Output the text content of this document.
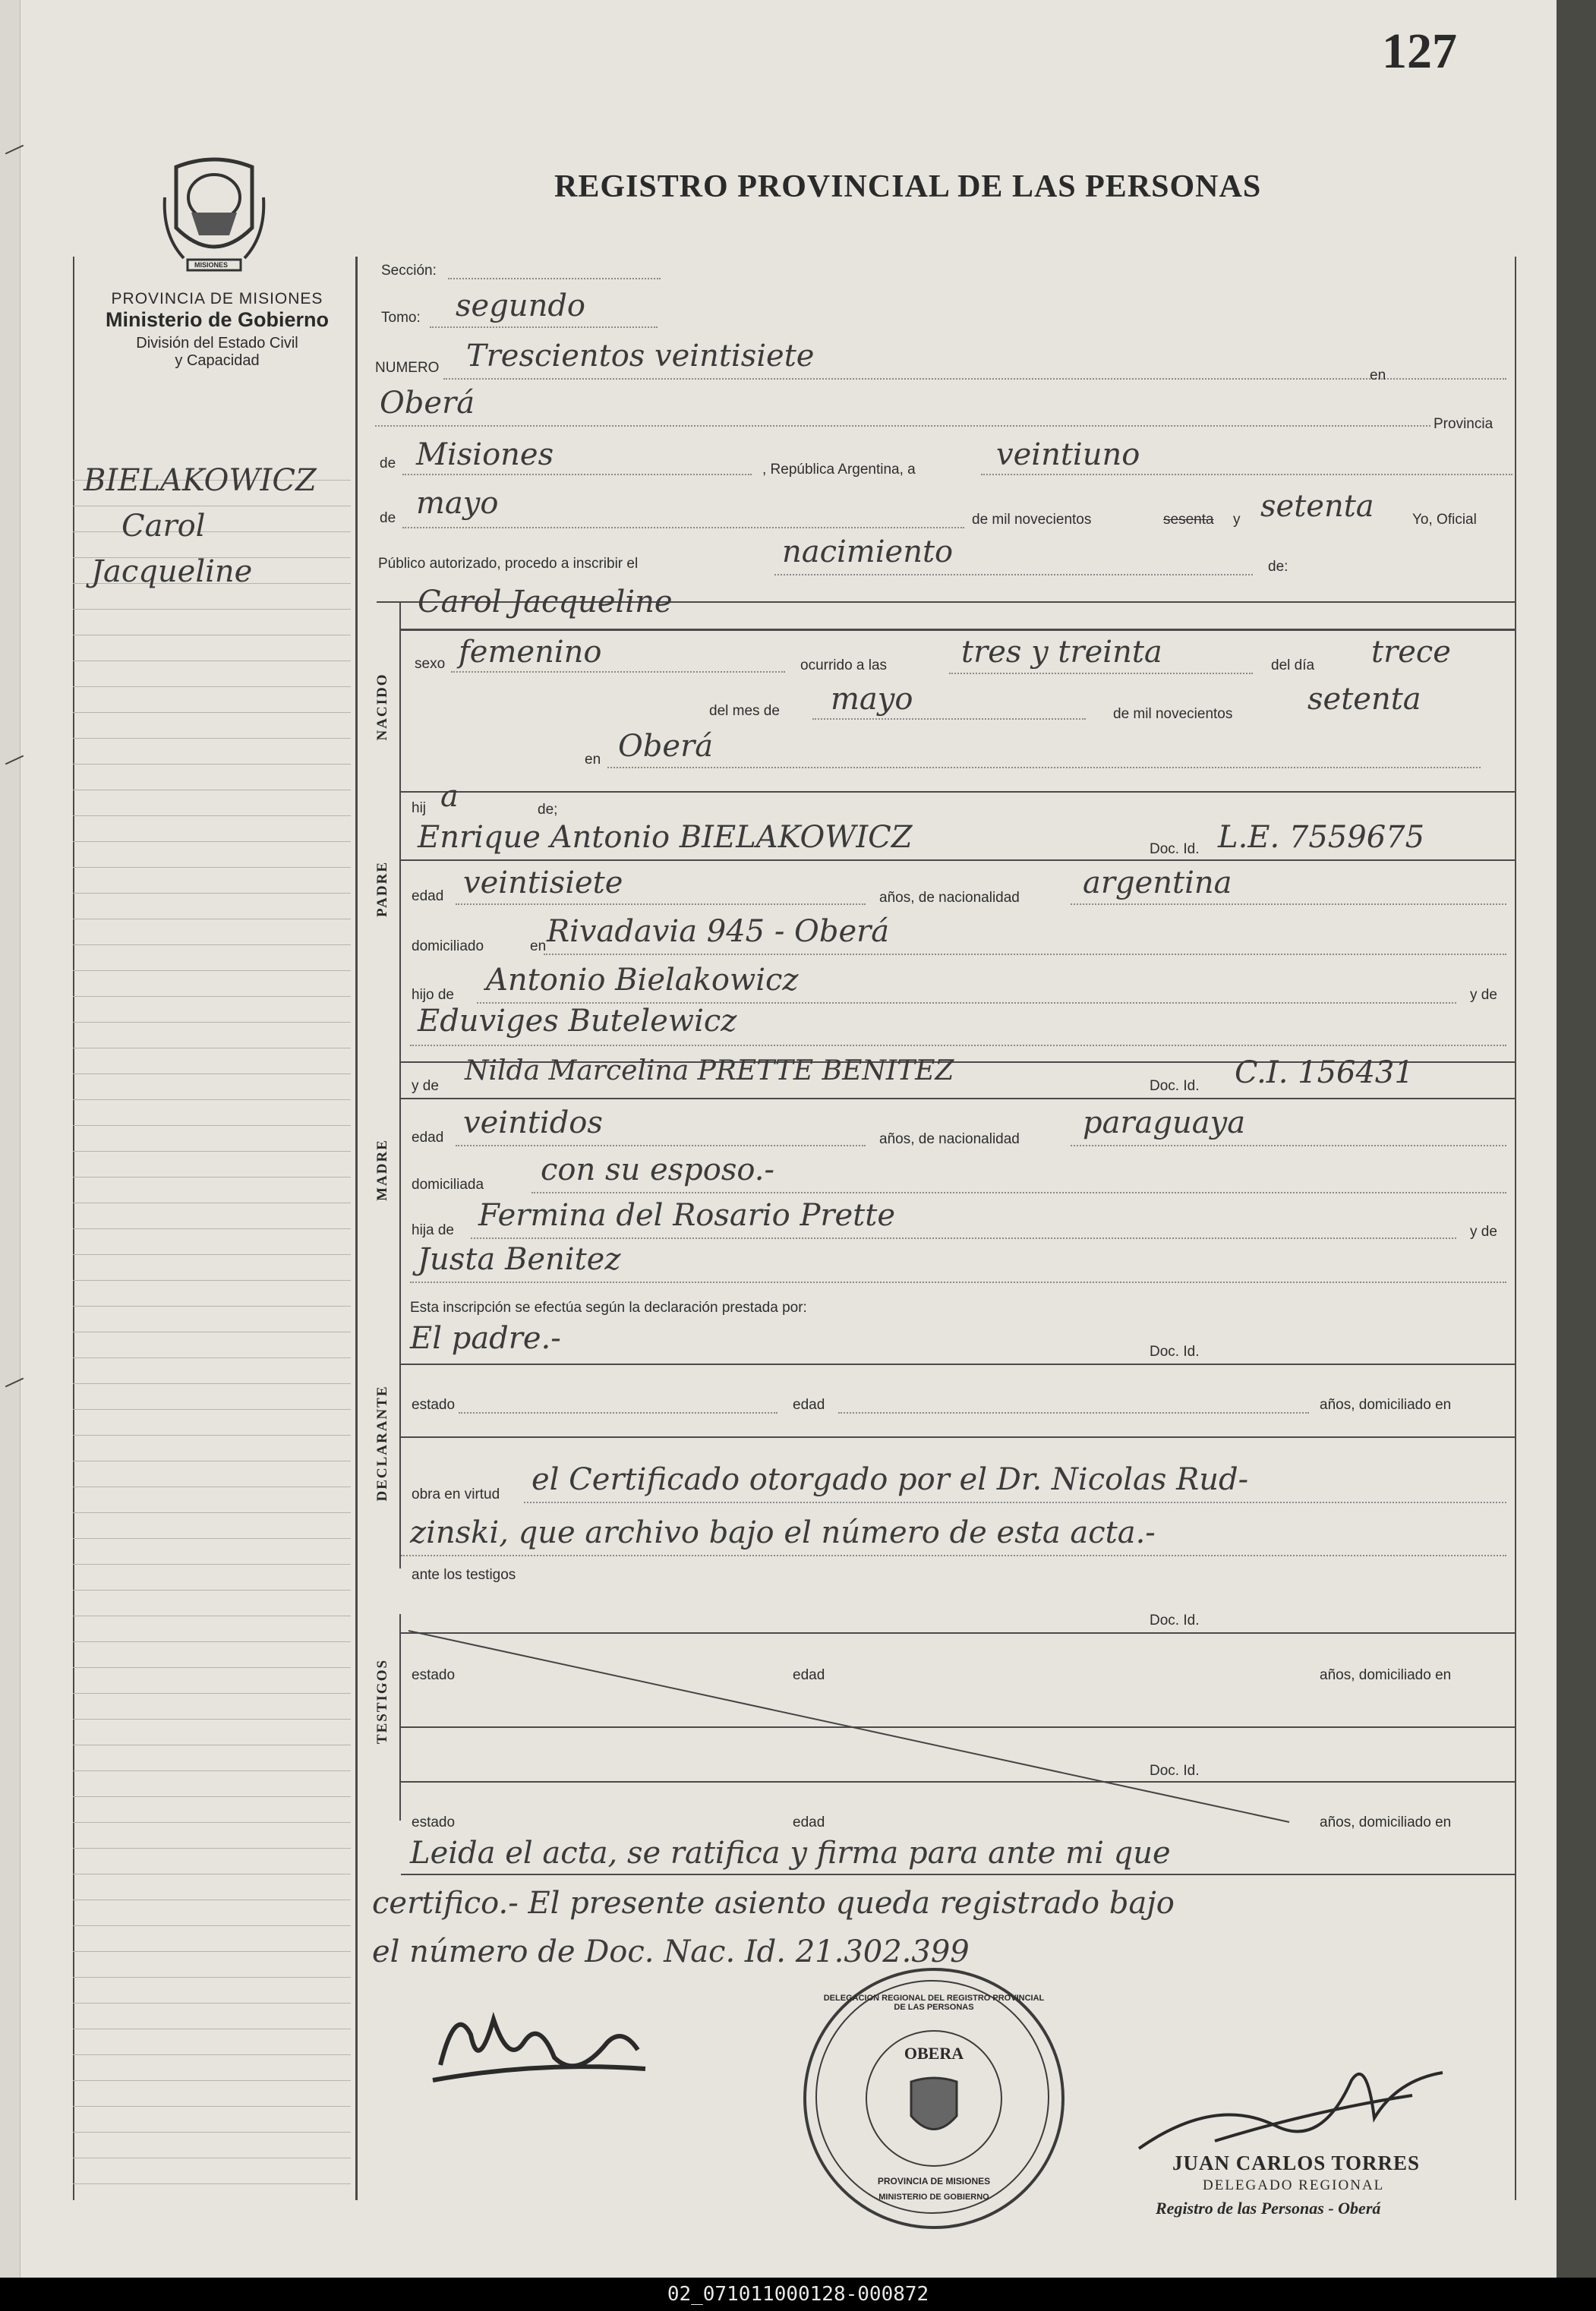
127
REGISTRO PROVINCIAL DE LAS PERSONAS
MISIONES
PROVINCIA DE MISIONES
Ministerio de Gobierno
División del Estado Civil
y Capacidad
BIELAKOWICZ
Carol
Jacqueline
Sección:
Tomo: segundo
NUMERO Trescientos veintisiete
en
Oberá
Provincia
de Misiones	, República Argentina, a	veintiuno
de mayo	de mil novecientos	sesenta y setenta	Yo, Oficial
Público autorizado, procedo a inscribir el	nacimiento	de:
NACIDO
Carol Jacqueline
sexo femenino	ocurrido a las tres y treinta	del día trece
del mes de mayo	de mil novecientos setenta
en Oberá
hij a	de;
PADRE
Enrique Antonio BIELAKOWICZ	Doc. Id. L.E. 7559675
edad veintisiete	años, de nacionalidad argentina
domiciliado	en Rivadavia 945 - Oberá
hijo de Antonio Bielakowicz	y de
Eduviges Butelewicz
MADRE
y de Nilda Marcelina PRETTE BENITEZ	Doc. Id. C.I. 156431
edad veintidos	años, de nacionalidad paraguaya
domiciliada con su esposo.-
hija de Fermina del Rosario Prette	y de
Justa Benitez
Esta inscripción se efectúa según la declaración prestada por:
DECLARANTE
El padre.-	Doc. Id.
estado	edad	años, domiciliado en
obra en virtud el Certificado otorgado por el Dr. Nicolas Rud-
zinski, que archivo bajo el número de esta acta.-
ante los testigos
TESTIGOS
Doc. Id.
estado	edad	años, domiciliado en
Doc. Id.
estado	edad	años, domiciliado en
Leida el acta, se ratifica y firma para ante mi que
certifico.- El presente asiento queda registrado bajo
el número de Doc. Nac. Id. 21.302.399
OBERA
DELEGACION REGIONAL DEL REGISTRO PROVINCIAL DE LAS PERSONAS
PROVINCIA DE MISIONES
MINISTERIO DE GOBIERNO
JUAN CARLOS TORRES
DELEGADO REGIONAL
Registro de las Personas - Oberá
02_071011000128-000872
